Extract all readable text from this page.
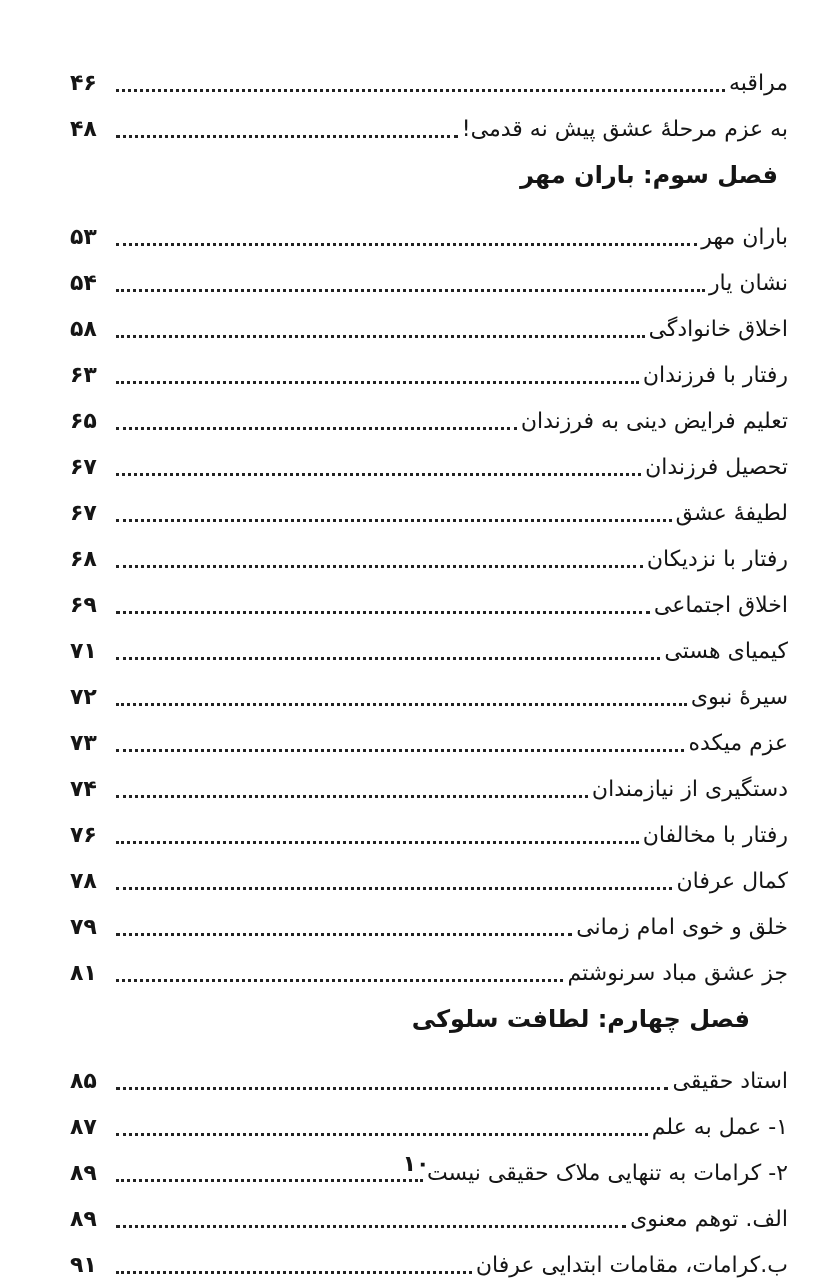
مراقبه
۴۶
به عزم مرحلهٔ عشق پیش نه قدمی!
۴۸
فصل سوم: باران مهر
باران مهر
۵۳
نشان یار
۵۴
اخلاق خانوادگی
۵۸
رفتار با فرزندان
۶۳
تعلیم فرایض دینی به فرزندان
۶۵
تحصیل فرزندان
۶۷
لطیفهٔ عشق
۶۷
رفتار با نزدیکان
۶۸
اخلاق اجتماعی
۶۹
کیمیای هستی
۷۱
سیرهٔ نبوی
۷۲
عزم میکده
۷۳
دستگیری از نیازمندان
۷۴
رفتار با مخالفان
۷۶
کمال عرفان
۷۸
خلق و خوی امام زمانی
۷۹
جز عشق مباد سرنوشتم
۸۱
فصل چهارم: لطافت سلوکی
استاد حقیقی
۸۵
۱- عمل به علم
۸۷
۲- کرامات به تنهایی ملاک حقیقی نیست
۸۹
الف. توهم معنوی
۸۹
ب.کرامات، مقامات ابتدایی عرفان
۹۱
۱۰
